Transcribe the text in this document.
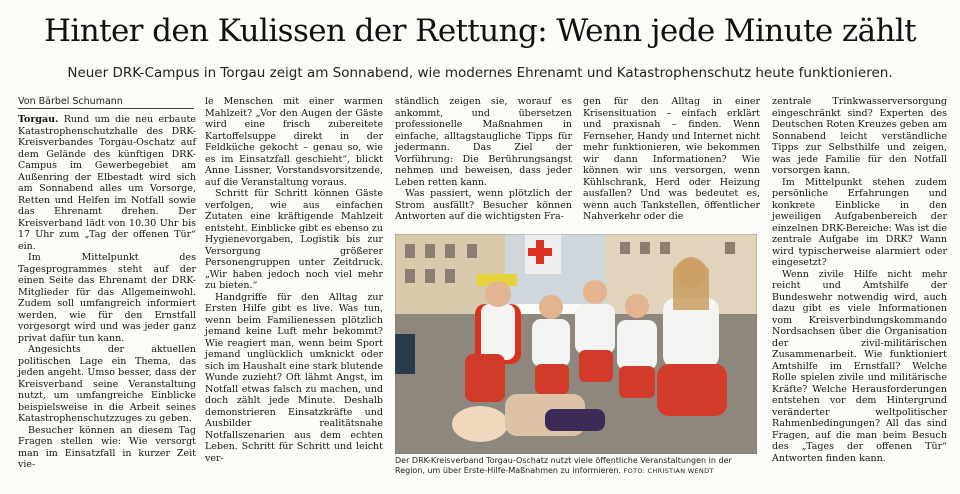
Hinter den Kulissen der Rettung: Wenn jede Minute zählt
Neuer DRK-Campus in Torgau zeigt am Sonnabend, wie modernes Ehrenamt und Katastrophenschutz heute funktionieren.
Von Bärbel Schumann

Torgau. Rund um die neu erbaute Katastrophenschutzhalle des DRK-Kreisverbandes Torgau-Oschatz auf dem Gelände des künftigen DRK-Campus im Gewerbegebiet am Außenring der Elbestadt wird sich am Sonnabend alles um Vorsorge, Retten und Helfen im Notfall sowie das Ehrenamt drehen. Der Kreisverband lädt von 10.30 Uhr bis 17 Uhr zum „Tag der offenen Tür“ ein.

Im Mittelpunkt des Tagesprogrammes steht auf der einen Seite das Ehrenamt der DRK-Mitglieder für das Allgemeinwohl. Zudem soll umfangreich informiert werden, wie für den Ernstfall vorgesorgt wird und was jeder ganz privat dafür tun kann.

Angesichts der aktuellen politischen Lage ein Thema, das jeden angeht. Umso besser, dass der Kreisverband seine Veranstaltung nutzt, um umfangreiche Einblicke beispielsweise in die Arbeit seines Katastrophenschutzzuges zu geben.

Besucher können an diesem Tag Fragen stellen wie: Wie versorgt man im Einsatzfall in kurzer Zeit vie-

le Menschen mit einer warmen Mahlzeit? „Vor den Augen der Gäste wird eine frisch zubereitete Kartoffelsuppe direkt in der Feldküche gekocht – genau so, wie es im Einsatzfall geschieht“, blickt Anne Lissner, Vorstandsvorsitzende, auf die Veranstaltung voraus.

Schritt für Schritt können Gäste verfolgen, wie aus einfachen Zutaten eine kräftigende Mahlzeit entsteht. Einblicke gibt es ebenso zu Hygienevorgaben, Logistik bis zur Versorgung größerer Personengruppen unter Zeitdruck. „Wir haben jedoch noch viel mehr zu bieten.“

Handgriffe für den Alltag zur Ersten Hilfe gibt es live. Was tun, wenn beim Familienessen plötzlich jemand keine Luft mehr bekommt? Wie reagiert man, wenn beim Sport jemand unglücklich umknickt oder sich im Haushalt eine stark blutende Wunde zuzieht? Oft lähmt Angst, im Notfall etwas falsch zu machen, und doch zählt jede Minute. Deshalb demonstrieren Einsatzkräfte und Ausbilder realitätsnahe Notfallszenarien aus dem echten Leben. Schritt für Schritt und leicht ver-

ständlich zeigen sie, worauf es ankommt, und übersetzen professionelle Maßnahmen in einfache, alltagstaugliche Tipps für jedermann. Das Ziel der Vorführung: Die Berührungsangst nehmen und beweisen, dass jeder Leben retten kann.

Was passiert, wenn plötzlich der Strom ausfällt? Besucher können Antworten auf die wichtigsten Fra-

gen für den Alltag in einer Krisensituation – einfach erklärt und praxisnah – finden. Wenn Fernseher, Handy und Internet nicht mehr funktionieren, wie bekommen wir dann Informationen? Wie können wir uns versorgen, wenn Kühlschrank, Herd oder Heizung ausfallen? Und was bedeutet es, wenn auch Tankstellen, öffentlicher Nahverkehr oder die

zentrale Trinkwasserversorgung eingeschränkt sind? Experten des Deutschen Roten Kreuzes geben am Sonnabend leicht verständliche Tipps zur Selbsthilfe und zeigen, was jede Familie für den Notfall vorsorgen kann.

Im Mittelpunkt stehen zudem persönliche Erfahrungen und konkrete Einblicke in den jeweiligen Aufgabenbereich der einzelnen DRK-Bereiche: Was ist die zentrale Aufgabe im DRK? Wann wird typischerweise alarmiert oder eingesetzt?

Wenn zivile Hilfe nicht mehr reicht und Amtshilfe der Bundeswehr notwendig wird, auch dazu gibt es viele Informationen vom Kreisverbindungskommando Nordsachsen über die Organisation der zivil-militärischen Zusammenarbeit. Wie funktioniert Amtshilfe im Ernstfall? Welche Rolle spielen zivile und militärische Kräfte? Welche Herausforderungen entstehen vor dem Hintergrund veränderter weltpolitischer Rahmenbedingungen? All das sind Fragen, auf die man beim Besuch des „Tages der offenen Tür“ Antworten finden kann.

Der DRK-Kreisverband Torgau-Oschatz nutzt viele öffentliche Veranstaltungen in der Region, um über Erste-Hilfe-Maßnahmen zu informieren. FOTO: CHRISTIAN WENDT
